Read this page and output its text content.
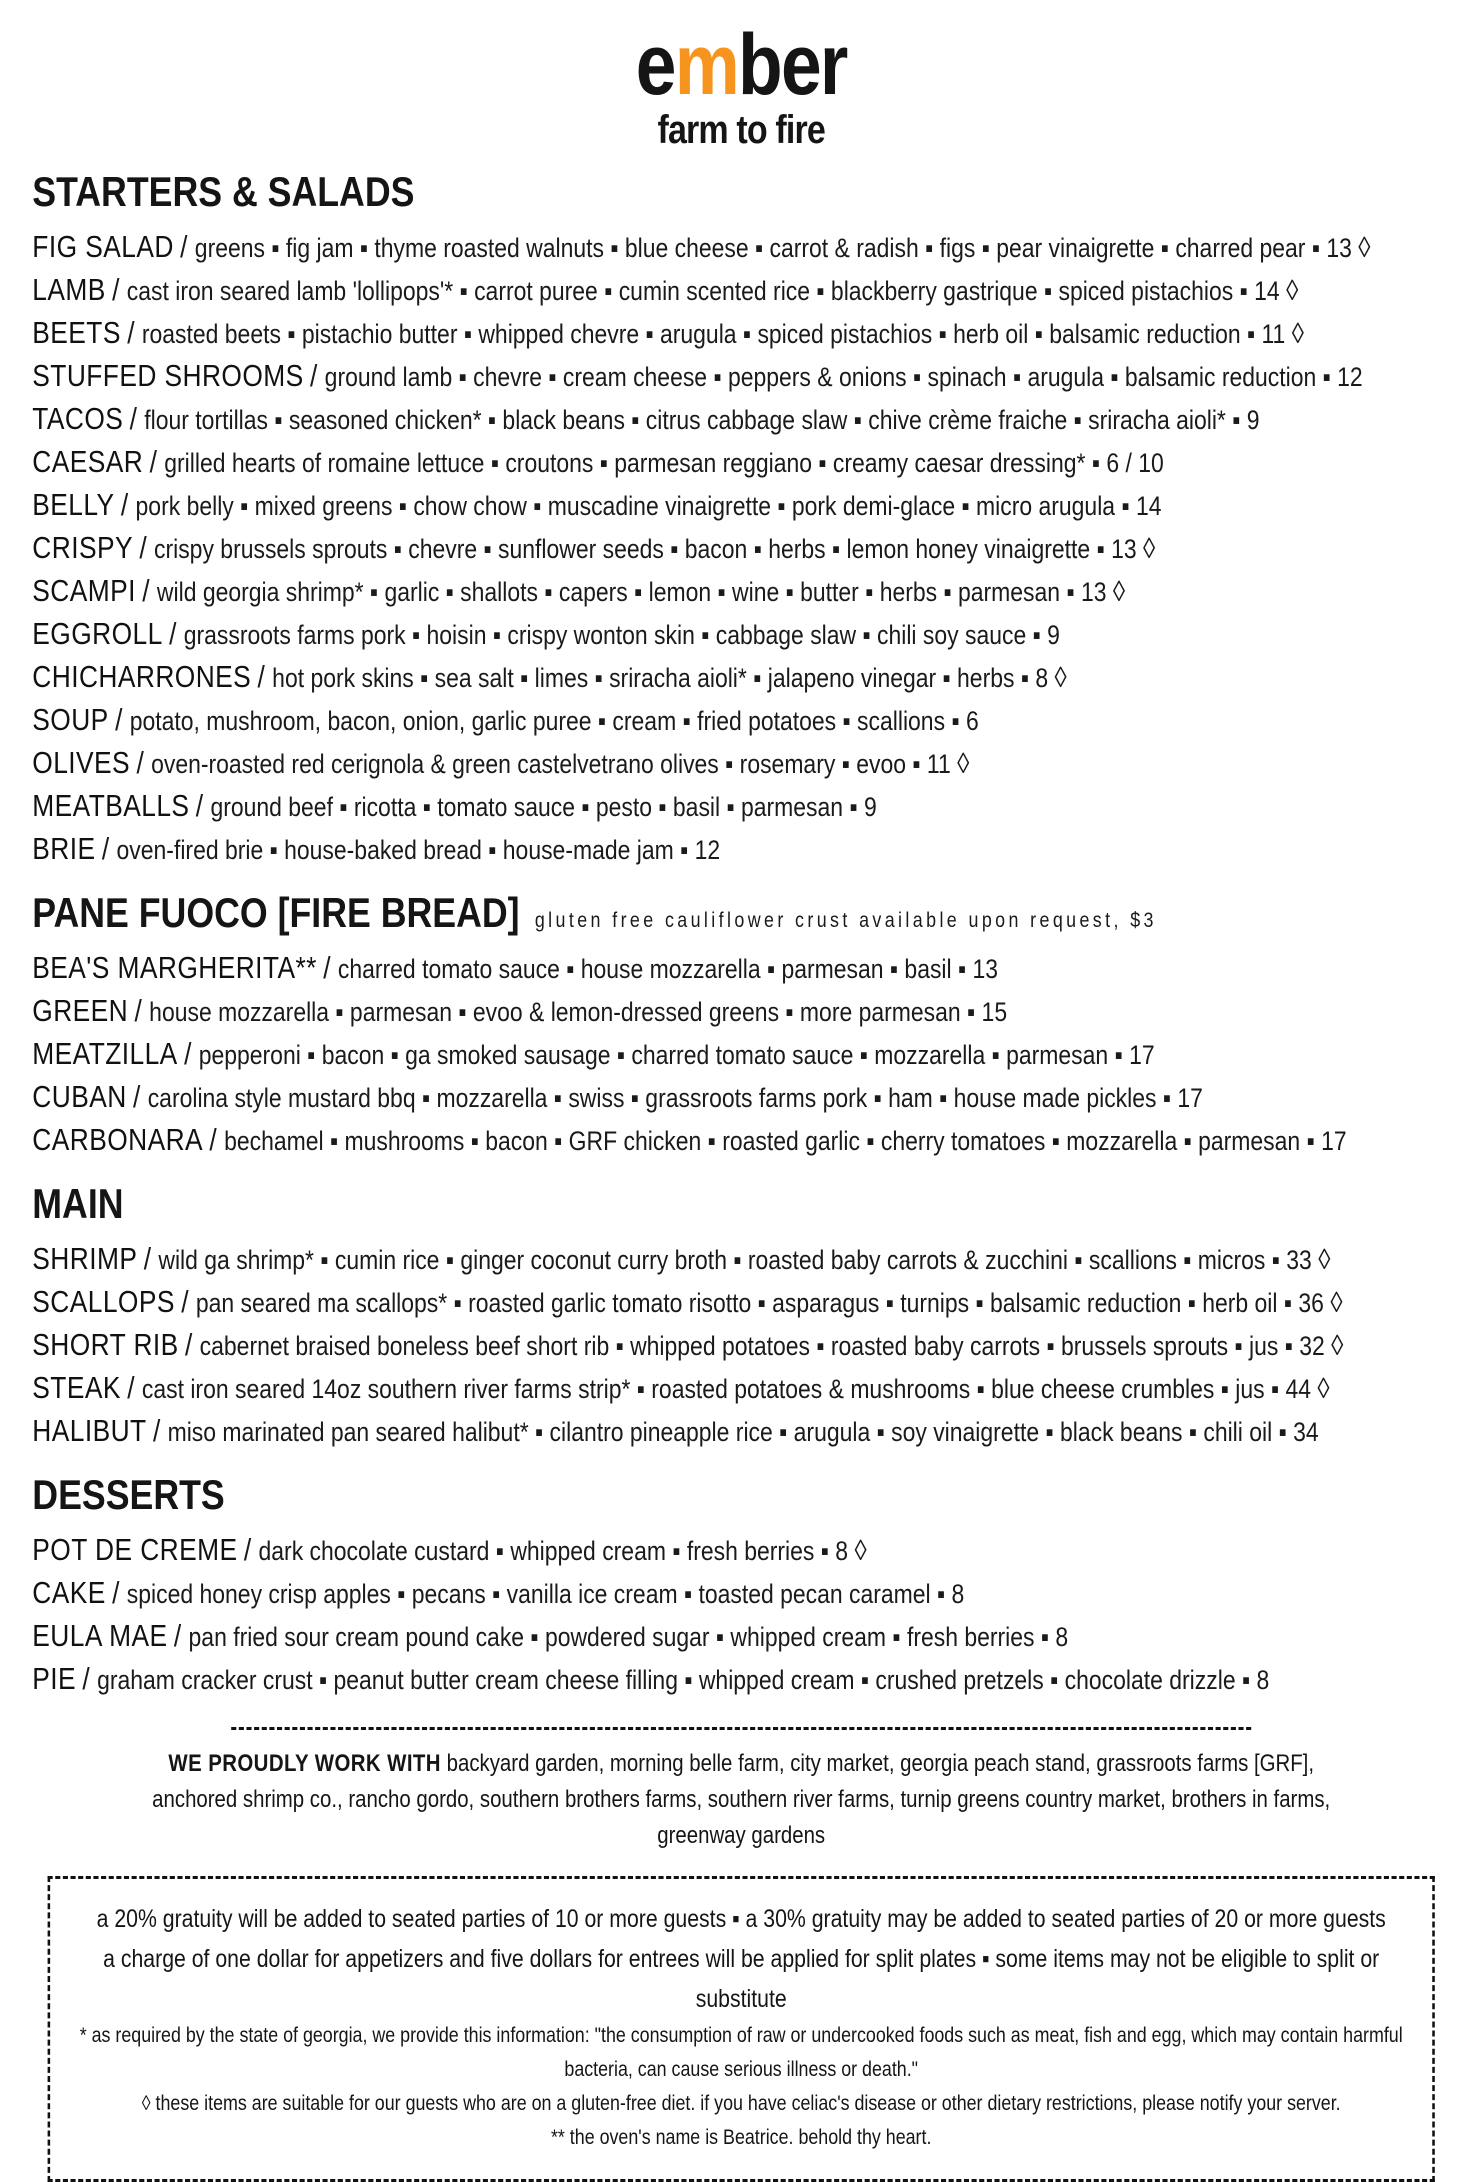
ember
farm to fire
STARTERS & SALADS
FIG SALAD / greens ▪ fig jam ▪ thyme roasted walnuts ▪ blue cheese ▪ carrot & radish ▪ figs ▪ pear vinaigrette ▪ charred pear ▪ 13 ◊
LAMB / cast iron seared lamb 'lollipops'* ▪ carrot puree ▪ cumin scented rice ▪ blackberry gastrique ▪ spiced pistachios ▪ 14 ◊
BEETS / roasted beets ▪ pistachio butter ▪ whipped chevre ▪ arugula ▪ spiced pistachios ▪ herb oil ▪ balsamic reduction ▪ 11 ◊
STUFFED SHROOMS / ground lamb ▪ chevre ▪ cream cheese ▪ peppers & onions ▪ spinach ▪ arugula ▪ balsamic reduction ▪ 12
TACOS / flour tortillas ▪ seasoned chicken* ▪ black beans ▪ citrus cabbage slaw ▪ chive crème fraiche ▪ sriracha aioli* ▪ 9
CAESAR / grilled hearts of romaine lettuce ▪ croutons ▪ parmesan reggiano ▪ creamy caesar dressing* ▪ 6 / 10
BELLY / pork belly ▪ mixed greens ▪ chow chow ▪ muscadine vinaigrette ▪ pork demi-glace ▪ micro arugula ▪ 14
CRISPY / crispy brussels sprouts ▪ chevre ▪ sunflower seeds ▪ bacon ▪ herbs ▪ lemon honey vinaigrette ▪ 13 ◊
SCAMPI / wild georgia shrimp* ▪ garlic ▪ shallots ▪ capers ▪ lemon ▪ wine ▪ butter ▪ herbs ▪ parmesan ▪ 13 ◊
EGGROLL / grassroots farms pork ▪ hoisin ▪ crispy wonton skin ▪ cabbage slaw ▪ chili soy sauce ▪ 9
CHICHARRONES / hot pork skins ▪ sea salt ▪ limes ▪ sriracha aioli* ▪ jalapeno vinegar ▪ herbs ▪ 8 ◊
SOUP / potato, mushroom, bacon, onion, garlic puree ▪ cream ▪ fried potatoes ▪ scallions ▪ 6
OLIVES / oven-roasted red cerignola & green castelvetrano olives ▪ rosemary ▪ evoo ▪ 11 ◊
MEATBALLS / ground beef ▪ ricotta ▪ tomato sauce ▪ pesto ▪ basil ▪ parmesan ▪ 9
BRIE / oven-fired brie ▪ house-baked bread ▪ house-made jam ▪ 12
PANE FUOCO [FIRE BREAD] gluten free cauliflower crust available upon request, $3
BEA'S MARGHERITA** / charred tomato sauce ▪ house mozzarella ▪ parmesan ▪ basil ▪ 13
GREEN / house mozzarella ▪ parmesan ▪ evoo & lemon-dressed greens ▪ more parmesan ▪ 15
MEATZILLA / pepperoni ▪ bacon ▪ ga smoked sausage ▪ charred tomato sauce ▪ mozzarella ▪ parmesan ▪ 17
CUBAN / carolina style mustard bbq ▪ mozzarella ▪ swiss ▪ grassroots farms pork ▪ ham ▪ house made pickles ▪ 17
CARBONARA / bechamel ▪ mushrooms ▪ bacon ▪ GRF chicken ▪ roasted garlic ▪ cherry tomatoes ▪ mozzarella ▪ parmesan ▪ 17
MAIN
SHRIMP / wild ga shrimp* ▪ cumin rice ▪ ginger coconut curry broth ▪ roasted baby carrots & zucchini ▪ scallions ▪ micros ▪ 33 ◊
SCALLOPS / pan seared ma scallops* ▪ roasted garlic tomato risotto ▪ asparagus ▪ turnips ▪ balsamic reduction ▪ herb oil ▪ 36 ◊
SHORT RIB / cabernet braised boneless beef short rib ▪ whipped potatoes ▪ roasted baby carrots ▪ brussels sprouts ▪ jus ▪ 32 ◊
STEAK / cast iron seared 14oz southern river farms strip* ▪ roasted potatoes & mushrooms ▪ blue cheese crumbles ▪ jus ▪ 44 ◊
HALIBUT / miso marinated pan seared halibut* ▪ cilantro pineapple rice ▪ arugula ▪ soy vinaigrette ▪ black beans ▪ chili oil ▪ 34
DESSERTS
POT DE CREME / dark chocolate custard ▪ whipped cream ▪ fresh berries ▪ 8 ◊
CAKE / spiced honey crisp apples ▪ pecans ▪ vanilla ice cream ▪ toasted pecan caramel ▪ 8
EULA MAE / pan fried sour cream pound cake ▪ powdered sugar ▪ whipped cream ▪ fresh berries ▪ 8
PIE / graham cracker crust ▪ peanut butter cream cheese filling ▪ whipped cream ▪ crushed pretzels ▪ chocolate drizzle ▪ 8

WE PROUDLY WORK WITH backyard garden, morning belle farm, city market, georgia peach stand, grassroots farms [GRF], anchored shrimp co., rancho gordo, southern brothers farms, southern river farms, turnip greens country market, brothers in farms, greenway gardens

a 20% gratuity will be added to seated parties of 10 or more guests ▪ a 30% gratuity may be added to seated parties of 20 or more guests
a charge of one dollar for appetizers and five dollars for entrees will be applied for split plates ▪ some items may not be eligible to split or substitute
* as required by the state of georgia, we provide this information: "the consumption of raw or undercooked foods such as meat, fish and egg, which may contain harmful bacteria, can cause serious illness or death."
◊ these items are suitable for our guests who are on a gluten-free diet. if you have celiac's disease or other dietary restrictions, please notify your server.
** the oven's name is Beatrice. behold thy heart.
